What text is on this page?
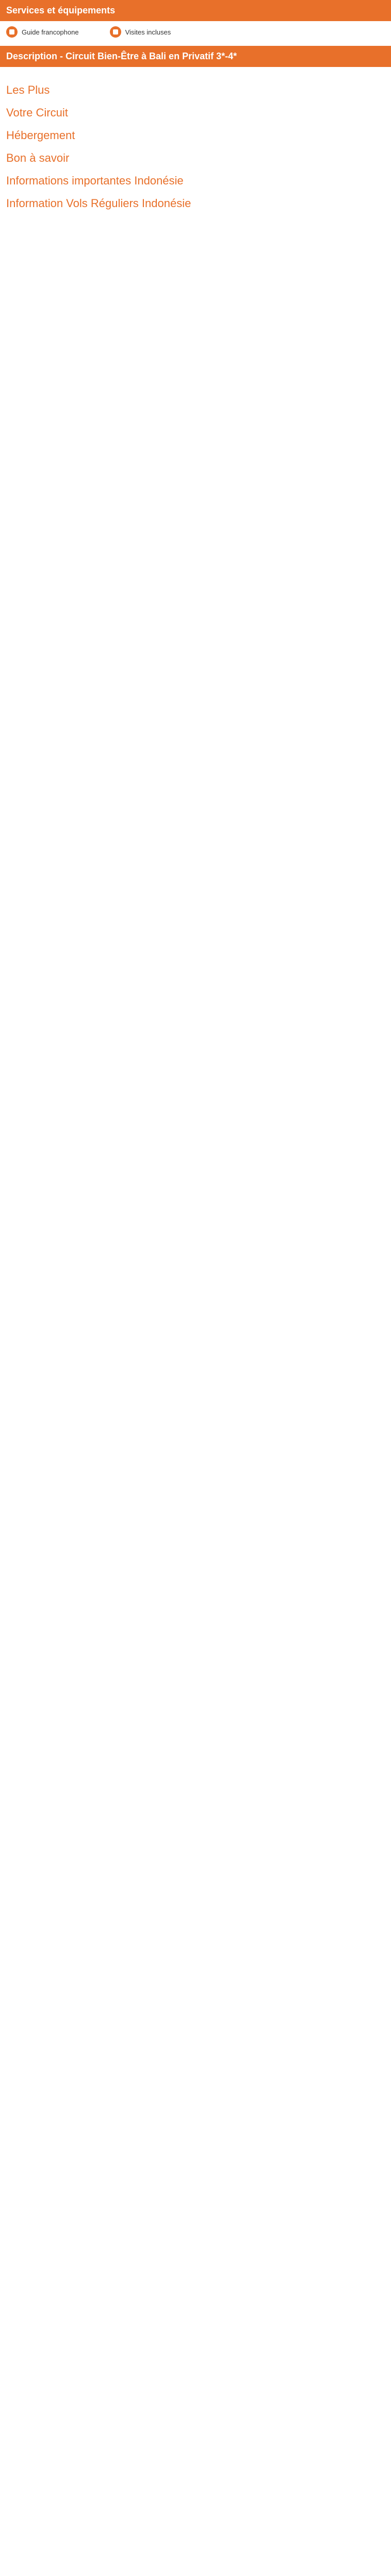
Services et équipements
Guide francophone	Visites incluses
Description - Circuit Bien-Être à Bali en Privatif 3*-4*
Les Plus
Votre Circuit
Hébergement
Bon à savoir
Informations importantes Indonésie
Information Vols Réguliers Indonésie
